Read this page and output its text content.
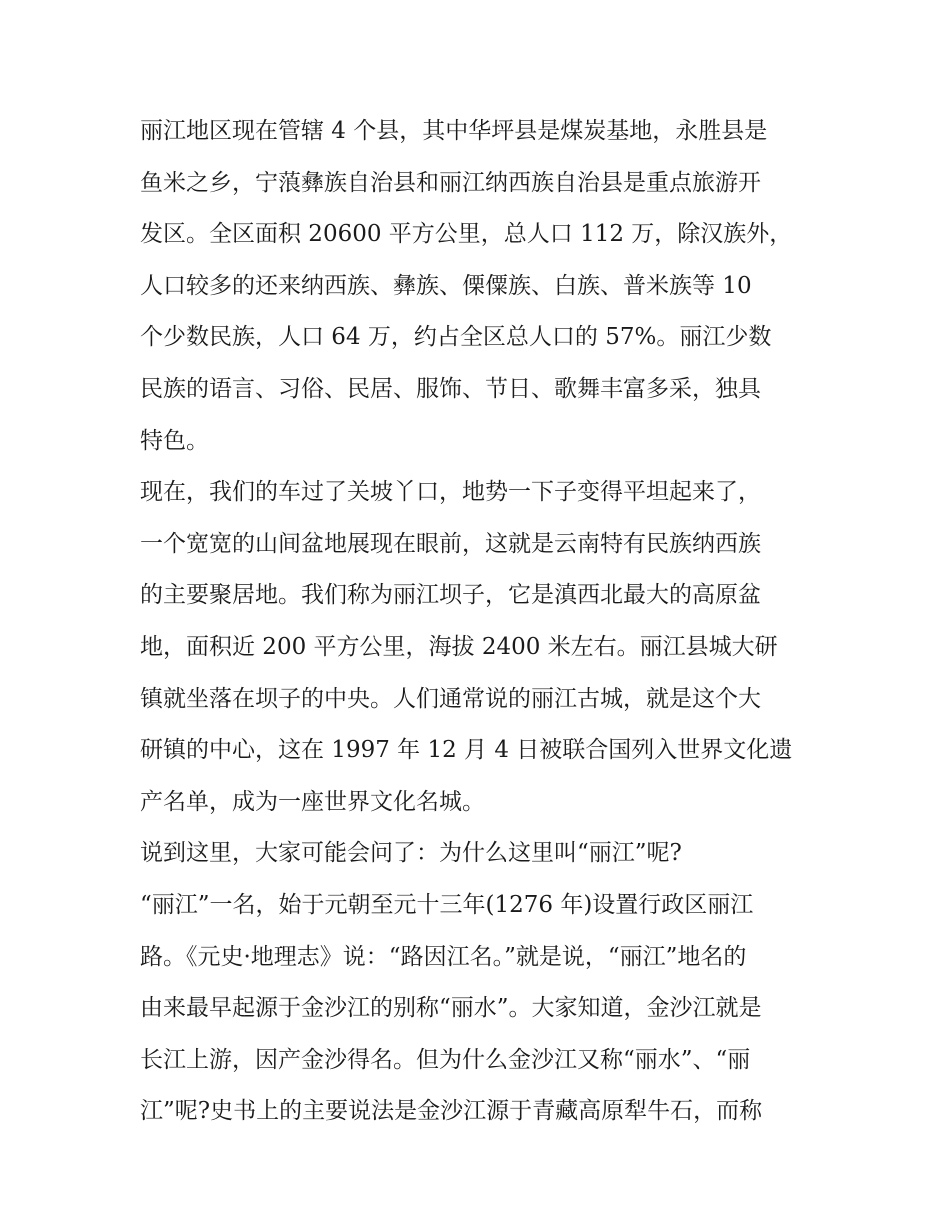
丽江地区现在管辖 4 个县，其中华坪县是煤炭基地，永胜县是
鱼米之乡，宁蒗彝族自治县和丽江纳西族自治县是重点旅游开
发区。全区面积 20600 平方公里，总人口 112 万，除汉族外，
人口较多的还来纳西族、彝族、傈僳族、白族、普米族等 10
个少数民族，人口 64 万，约占全区总人口的 57%。丽江少数
民族的语言、习俗、民居、服饰、节日、歌舞丰富多采，独具
特色。
现在，我们的车过了关坡丫口，地势一下子变得平坦起来了，
一个宽宽的山间盆地展现在眼前，这就是云南特有民族纳西族
的主要聚居地。我们称为丽江坝子，它是滇西北最大的高原盆
地，面积近 200 平方公里，海拔 2400 米左右。丽江县城大研
镇就坐落在坝子的中央。人们通常说的丽江古城，就是这个大
研镇的中心，这在 1997 年 12 月 4 日被联合国列入世界文化遗
产名单，成为一座世界文化名城。
说到这里，大家可能会问了：为什么这里叫“丽江”呢?
“丽江”一名，始于元朝至元十三年(1276 年)设置行政区丽江
路。《元史·地理志》说：“路因江名。”就是说，“丽江”地名的
由来最早起源于金沙江的别称“丽水”。大家知道，金沙江就是
长江上游，因产金沙得名。但为什么金沙江又称“丽水”、“丽
江”呢?史书上的主要说法是金沙江源于青藏高原犁牛石，而称
